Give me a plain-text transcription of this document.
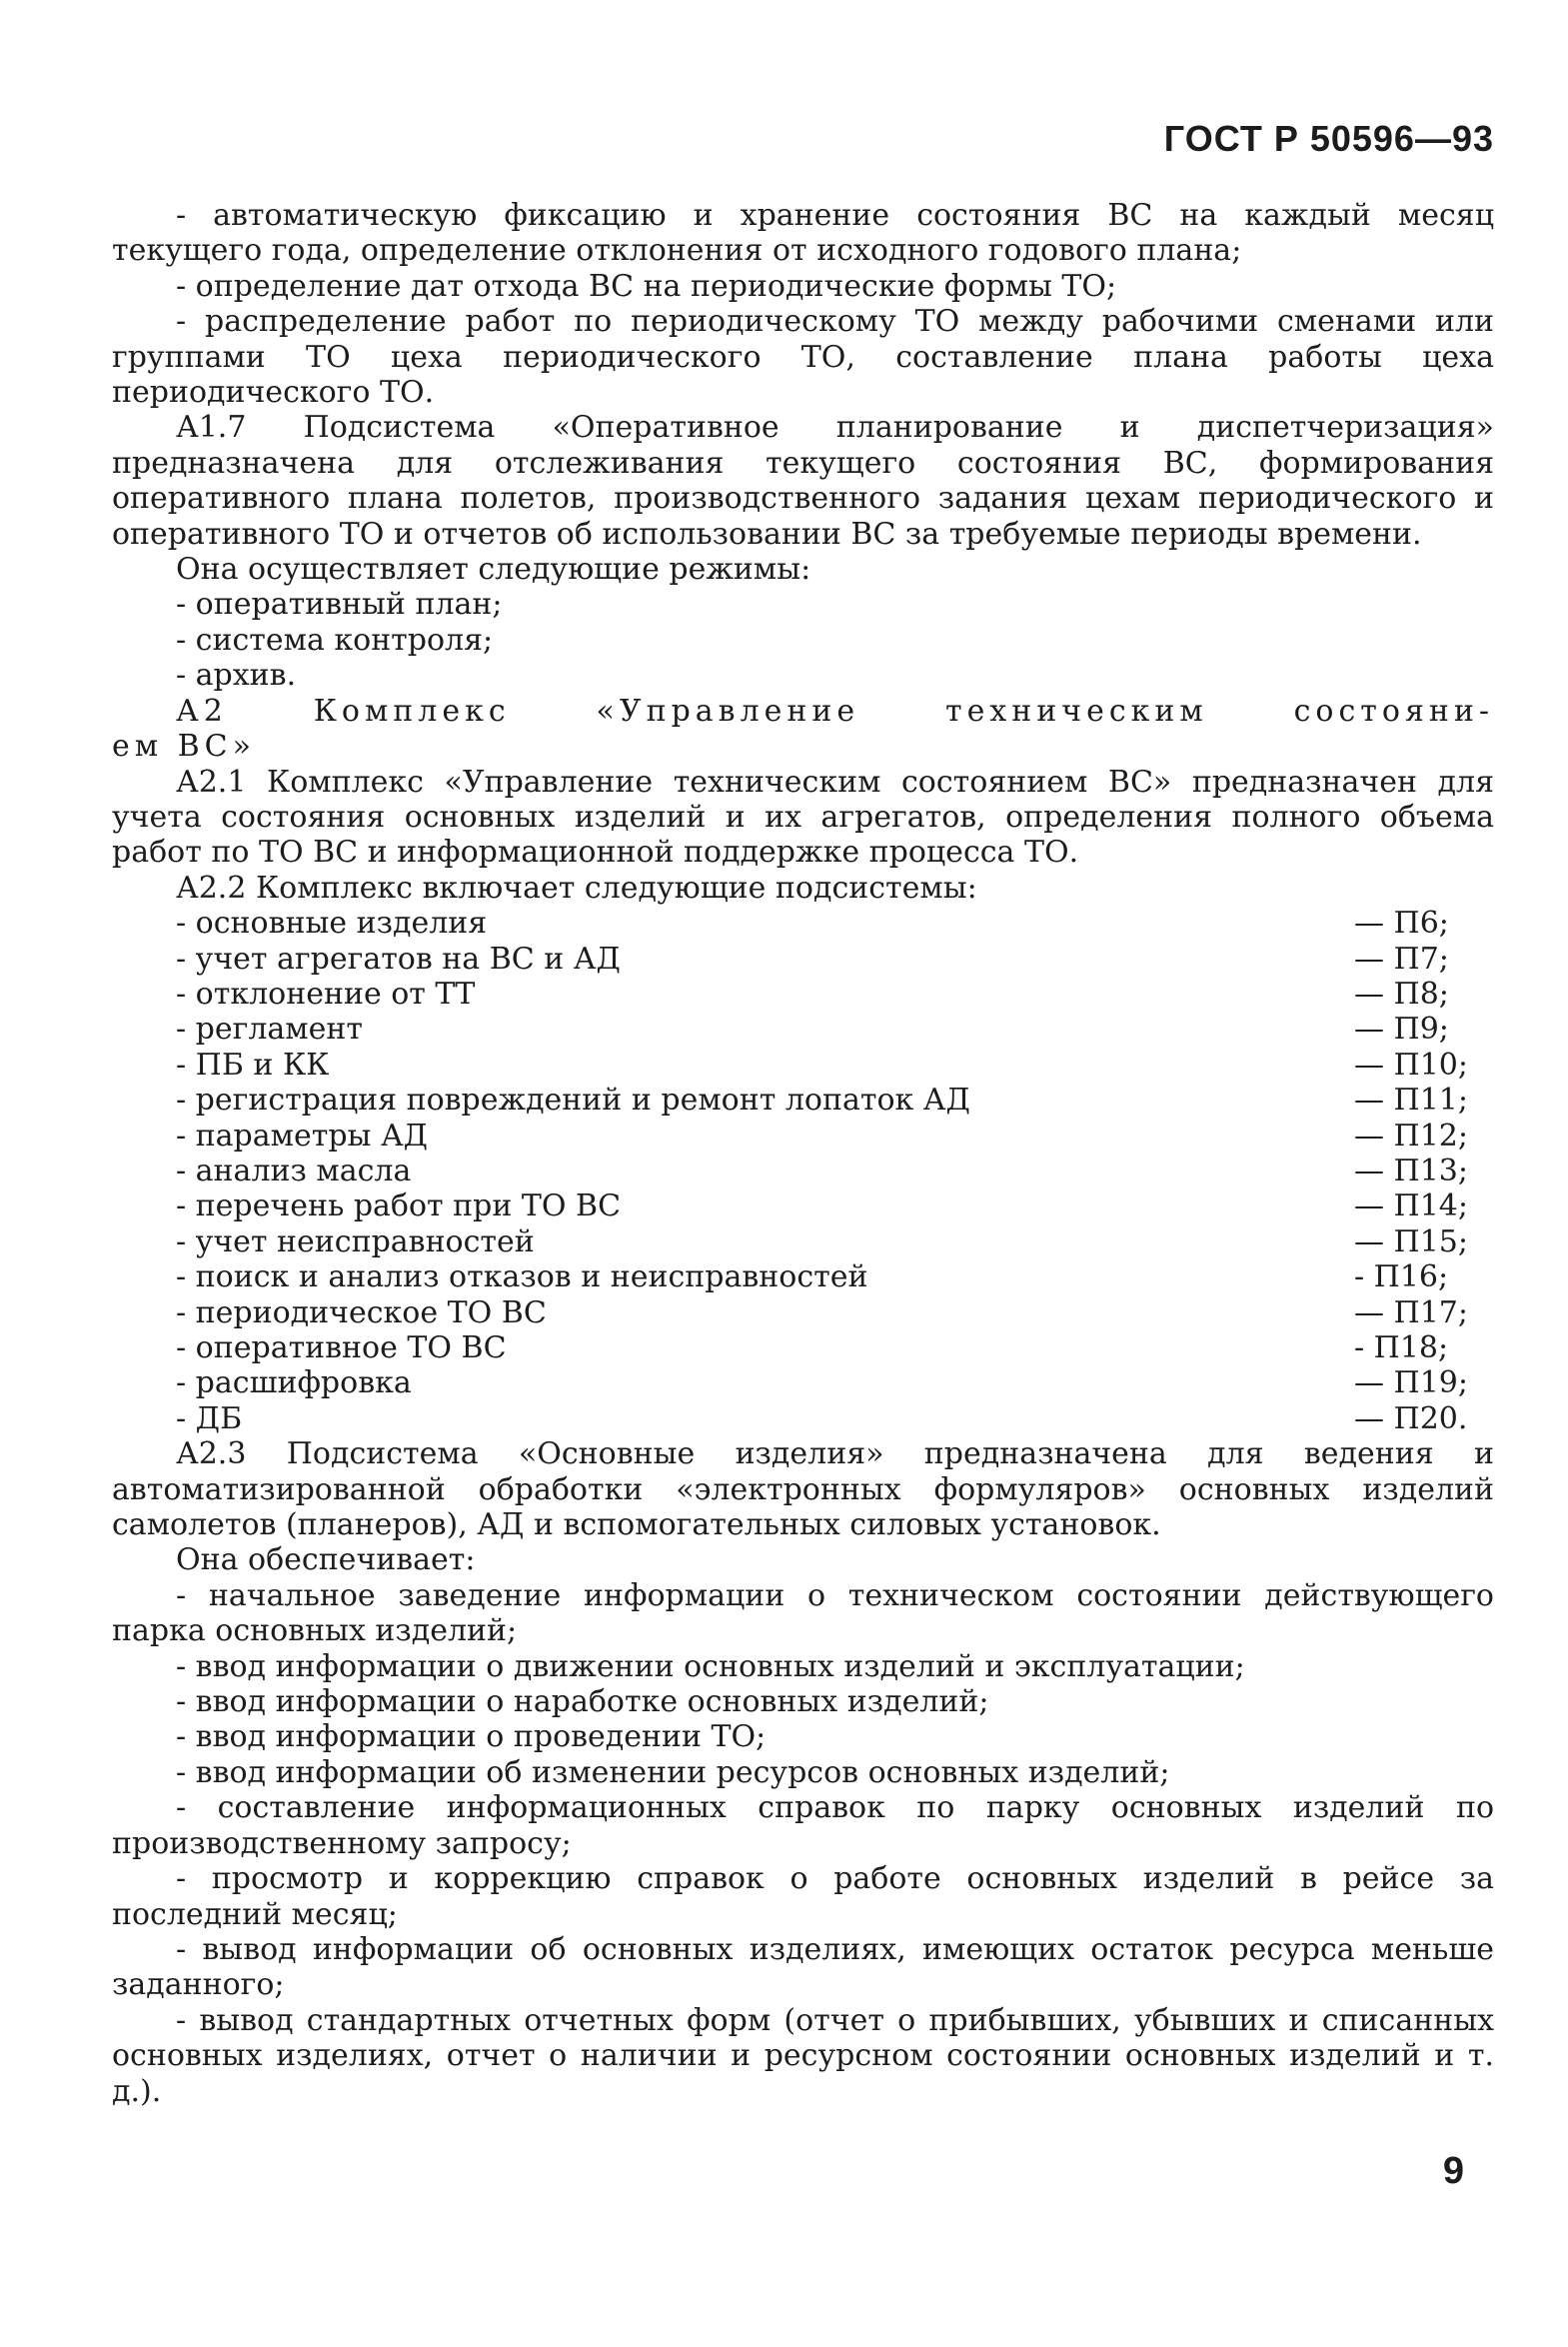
ГОСТ Р 50596—93

- автоматическую фиксацию и хранение состояния ВС на каждый месяц текущего года, определение отклонения от исходного годового плана;

- определение дат отхода ВС на периодические формы ТО;

- распределение работ по периодическому ТО между рабочими сменами или группами ТО цеха периодического ТО, составление плана работы цеха периодического ТО.

А1.7 Подсистема «Оперативное планирование и диспетчеризация» предназначена для отслеживания текущего состояния ВС, формирования оперативного плана полетов, производственного задания цехам периодического и оперативного ТО и отчетов об использовании ВС за требуемые периоды времени.

Она осуществляет следующие режимы:

- оперативный план;

- система контроля;

- архив.

А2 Комплекс «Управление техническим состояни-

ем ВС»

А2.1 Комплекс «Управление техническим состоянием ВС» предназначен для учета состояния основных изделий и их агрегатов, определения полного объема работ по ТО ВС и информационной поддержке процесса ТО.

А2.2 Комплекс включает следующие подсистемы:

- основные изделия	— П6;
- учет агрегатов на ВС и АД	— П7;
- отклонение от ТТ	— П8;
- регламент	— П9;
- ПБ и КК	— П10;
- регистрация повреждений и ремонт лопаток АД	— П11;
- параметры АД	— П12;
- анализ масла	— П13;
- перечень работ при ТО ВС	— П14;
- учет неисправностей	— П15;
- поиск и анализ отказов и неисправностей	- П16;
- периодическое ТО ВС	— П17;
- оперативное ТО ВС	- П18;
- расшифровка	— П19;
- ДБ	— П20.

А2.3 Подсистема «Основные изделия» предназначена для ведения и автоматизированной обработки «электронных формуляров» основных изделий самолетов (планеров), АД и вспомогательных силовых установок.

Она обеспечивает:

- начальное заведение информации о техническом состоянии действующего парка основных изделий;

- ввод информации о движении основных изделий и эксплуатации;

- ввод информации о наработке основных изделий;

- ввод информации о проведении ТО;

- ввод информации об изменении ресурсов основных изделий;

- составление информационных справок по парку основных изделий по производственному запросу;

- просмотр и коррекцию справок о работе основных изделий в рейсе за последний месяц;

- вывод информации об основных изделиях, имеющих остаток ресурса меньше заданного;

- вывод стандартных отчетных форм (отчет о прибывших, убывших и списанных основных изделиях, отчет о наличии и ресурсном состоянии основных изделий и т. д.).

9
